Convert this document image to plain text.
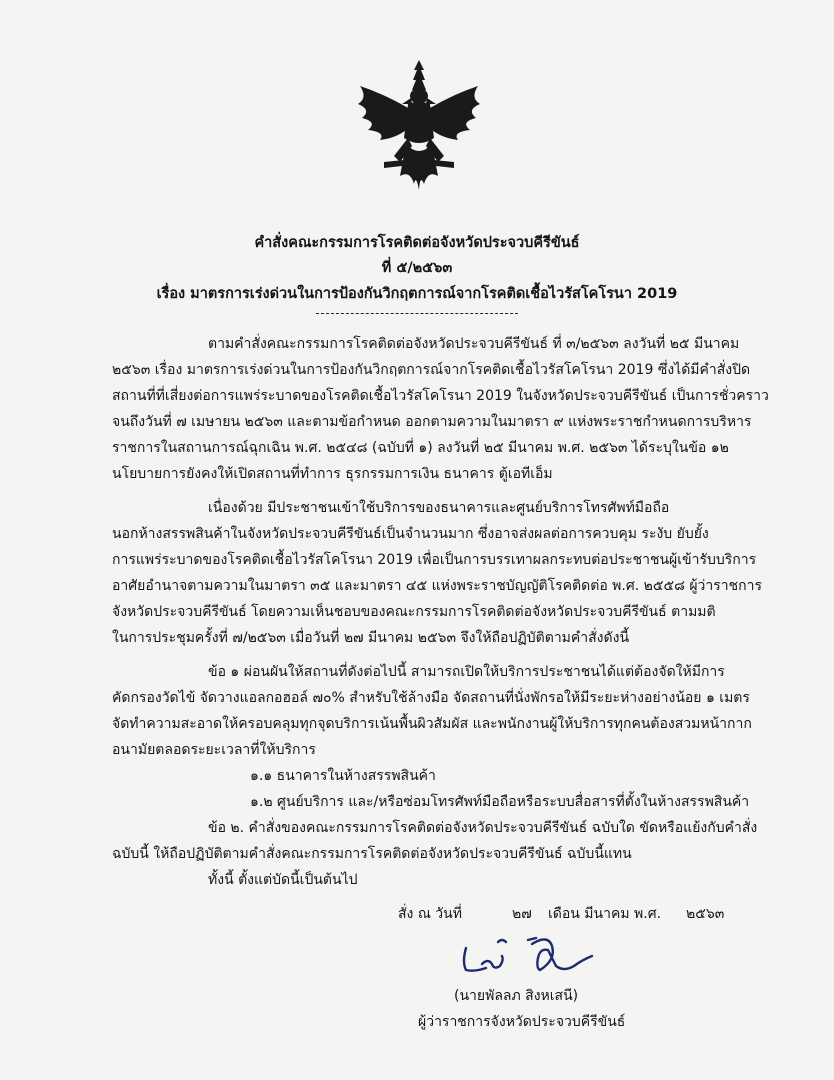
คำสั่งคณะกรรมการโรคติดต่อจังหวัดประจวบคีรีขันธ์
ที่ ๕/๒๕๖๓
เรื่อง มาตรการเร่งด่วนในการป้องกันวิกฤตการณ์จากโรคติดเชื้อไวรัสโคโรนา 2019
ตามคำสั่งคณะกรรมการโรคติดต่อจังหวัดประจวบคีรีขันธ์ ที่ ๓/๒๕๖๓ ลงวันที่ ๒๕ มีนาคม
๒๕๖๓ เรื่อง มาตรการเร่งด่วนในการป้องกันวิกฤตการณ์จากโรคติดเชื้อไวรัสโคโรนา 2019 ซึ่งได้มีคำสั่งปิด
สถานที่ที่เสี่ยงต่อการแพร่ระบาดของโรคติดเชื้อไวรัสโคโรนา 2019 ในจังหวัดประจวบคีรีขันธ์ เป็นการชั่วคราว
จนถึงวันที่ ๗ เมษายน ๒๕๖๓ และตามข้อกำหนด ออกตามความในมาตรา ๙ แห่งพระราชกำหนดการบริหาร
ราชการในสถานการณ์ฉุกเฉิน พ.ศ. ๒๕๔๘ (ฉบับที่ ๑) ลงวันที่ ๒๕ มีนาคม พ.ศ. ๒๕๖๓ ได้ระบุในข้อ ๑๒
นโยบายการยังคงให้เปิดสถานที่ทำการ ธุรกรรมการเงิน ธนาคาร ตู้เอทีเอ็ม
เนื่องด้วย มีประชาชนเข้าใช้บริการของธนาคารและศูนย์บริการโทรศัพท์มือถือ
นอกห้างสรรพสินค้าในจังหวัดประจวบคีรีขันธ์เป็นจำนวนมาก ซึ่งอาจส่งผลต่อการควบคุม ระงับ ยับยั้ง
การแพร่ระบาดของโรคติดเชื้อไวรัสโคโรนา 2019 เพื่อเป็นการบรรเทาผลกระทบต่อประชาชนผู้เข้ารับบริการ
อาศัยอำนาจตามความในมาตรา ๓๕ และมาตรา ๔๕ แห่งพระราชบัญญัติโรคติดต่อ พ.ศ. ๒๕๕๘ ผู้ว่าราชการ
จังหวัดประจวบคีรีขันธ์ โดยความเห็นชอบของคณะกรรมการโรคติดต่อจังหวัดประจวบคีรีขันธ์ ตามมติ
ในการประชุมครั้งที่ ๗/๒๕๖๓ เมื่อวันที่ ๒๗ มีนาคม ๒๕๖๓ จึงให้ถือปฏิบัติตามคำสั่งดังนี้
ข้อ ๑ ผ่อนผันให้สถานที่ดังต่อไปนี้ สามารถเปิดให้บริการประชาชนได้แต่ต้องจัดให้มีการ
คัดกรองวัดไข้ จัดวางแอลกอฮอล์ ๗๐% สำหรับใช้ล้างมือ จัดสถานที่นั่งพักรอให้มีระยะห่างอย่างน้อย ๑ เมตร
จัดทำความสะอาดให้ครอบคลุมทุกจุดบริการเน้นพื้นผิวสัมผัส และพนักงานผู้ให้บริการทุกคนต้องสวมหน้ากาก
อนามัยตลอดระยะเวลาที่ให้บริการ
๑.๑ ธนาคารในห้างสรรพสินค้า
๑.๒ ศูนย์บริการ และ/หรือซ่อมโทรศัพท์มือถือหรือระบบสื่อสารที่ตั้งในห้างสรรพสินค้า
ข้อ ๒. คำสั่งของคณะกรรมการโรคติดต่อจังหวัดประจวบคีรีขันธ์ ฉบับใด ขัดหรือแย้งกับคำสั่ง
ฉบับนี้ ให้ถือปฏิบัติตามคำสั่งคณะกรรมการโรคติดต่อจังหวัดประจวบคีรีขันธ์ ฉบับนี้แทน
ทั้งนี้ ตั้งแต่บัดนี้เป็นต้นไป
สั่ง ณ วันที่	๒๗ เดือน มีนาคม พ.ศ. ๒๕๖๓
(นายพัลลภ สิงหเสนี)
ผู้ว่าราชการจังหวัดประจวบคีรีขันธ์
